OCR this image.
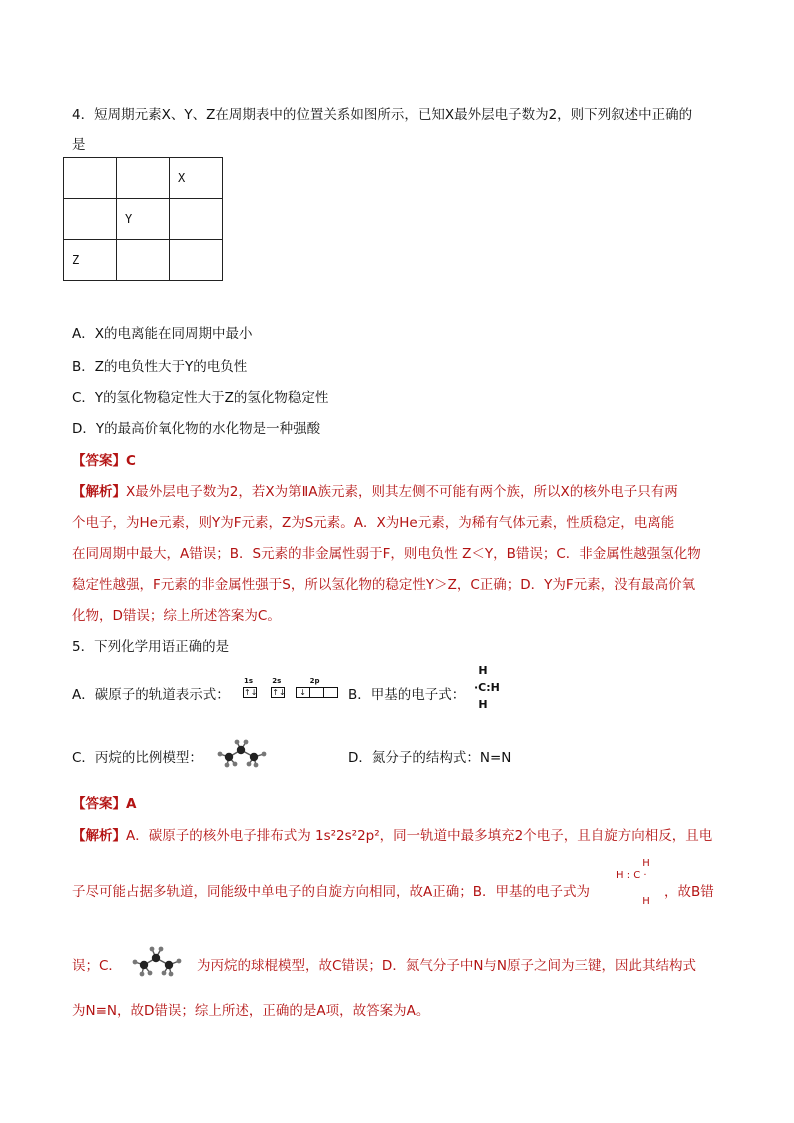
4．短周期元素X、Y、Z在周期表中的位置关系如图所示，已知X最外层电子数为2，则下列叙述中正确的
是
		X
	Y	
Z		
A．X的电离能在同周期中最小
B．Z的电负性大于Y的电负性
C．Y的氢化物稳定性大于Z的氢化物稳定性
D．Y的最高价氧化物的水化物是一种强酸
【答案】C
【解析】X最外层电子数为2，若X为第ⅡA族元素，则其左侧不可能有两个族，所以X的核外电子只有两
个电子，为He元素，则Y为F元素，Z为S元素。A．X为He元素，为稀有气体元素，性质稳定，电离能
在同周期中最大，A错误；B．S元素的非金属性弱于F，则电负性 Z＜Y，B错误；C．非金属性越强氢化物
稳定性越强，F元素的非金属性强于S，所以氢化物的稳定性Y＞Z，C正确；D．Y为F元素，没有最高价氧
化物，D错误；综上所述答案为C。
5．下列化学用语正确的是
A．碳原子的轨道表示式：
1s
↑↓
2s
↑↓
2p
↓	B．甲基的电子式：
H
·C:H
H
C．丙烷的比例模型：	D．氮分子的结构式：N=N
【答案】A
【解析】A．碳原子的核外电子排布式为 1s²2s²2p²，同一轨道中最多填充2个电子，且自旋方向相反，且电
子尽可能占据多轨道，同能级中单电子的自旋方向相同，故A正确；B．甲基的电子式为
H
H : C ·
H
，故B错
误；C．	为丙烷的球棍模型，故C错误；D．氮气分子中N与N原子之间为三键，因此其结构式
为N≡N，故D错误；综上所述，正确的是A项，故答案为A。
